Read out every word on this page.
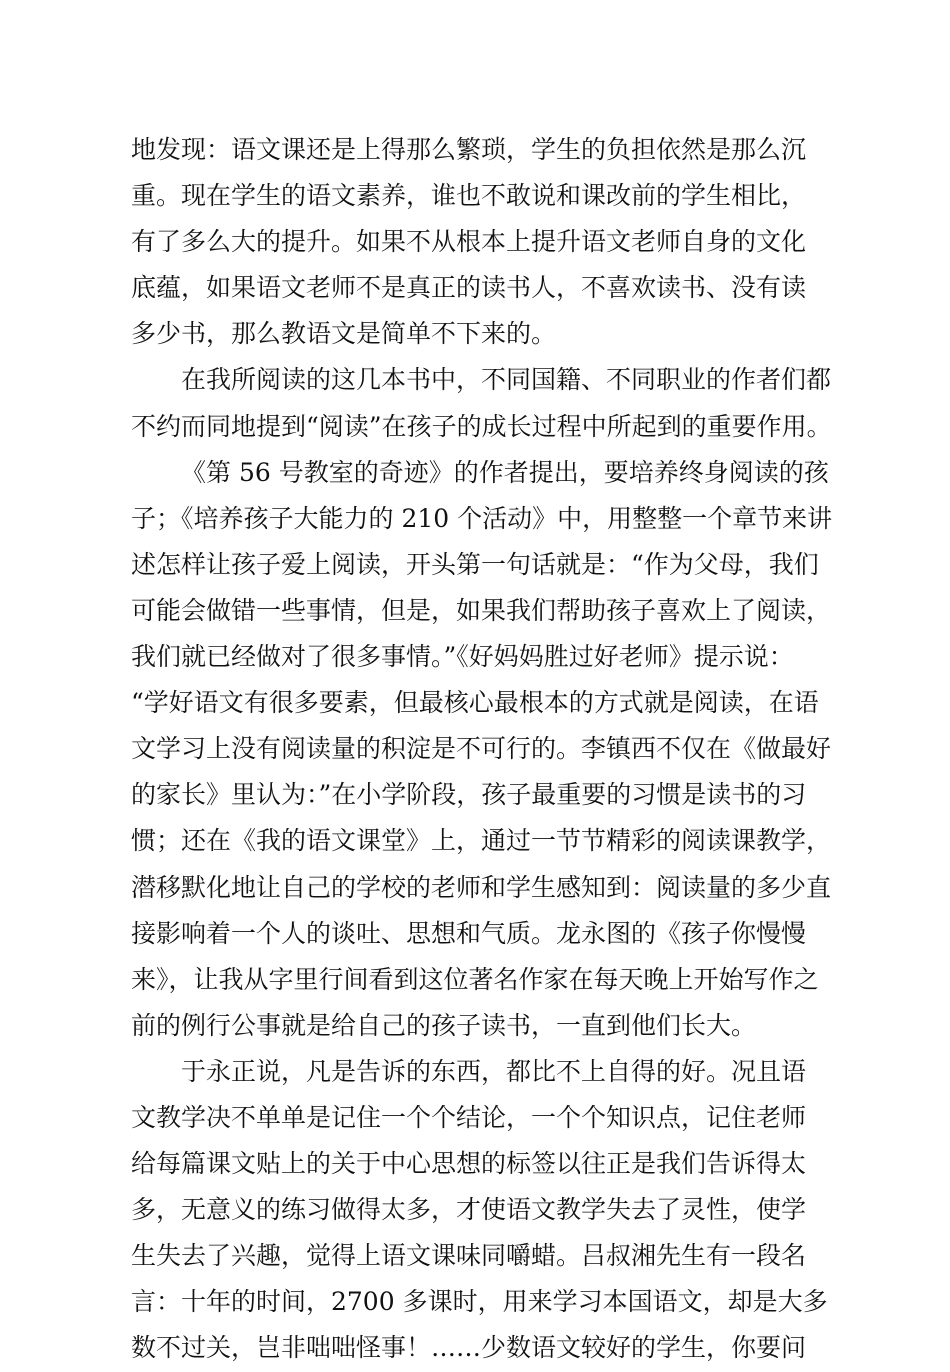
地发现：语文课还是上得那么繁琐，学生的负担依然是那么沉
重。现在学生的语文素养，谁也不敢说和课改前的学生相比，
有了多么大的提升。如果不从根本上提升语文老师自身的文化
底蕴，如果语文老师不是真正的读书人，不喜欢读书、没有读
多少书，那么教语文是简单不下来的。
在我所阅读的这几本书中，不同国籍、不同职业的作者们都
不约而同地提到“阅读”在孩子的成长过程中所起到的重要作用。
《第 56 号教室的奇迹》的作者提出，要培养终身阅读的孩
子；《培养孩子大能力的 210 个活动》中，用整整一个章节来讲
述怎样让孩子爱上阅读，开头第一句话就是：“作为父母，我们
可能会做错一些事情，但是，如果我们帮助孩子喜欢上了阅读，
我们就已经做对了很多事情。”《好妈妈胜过好老师》提示说：
“学好语文有很多要素，但最核心最根本的方式就是阅读，在语
文学习上没有阅读量的积淀是不可行的。李镇西不仅在《做最好
的家长》里认为：”在小学阶段，孩子最重要的习惯是读书的习
惯；还在《我的语文课堂》上，通过一节节精彩的阅读课教学，
潜移默化地让自己的学校的老师和学生感知到：阅读量的多少直
接影响着一个人的谈吐、思想和气质。龙永图的《孩子你慢慢
来》，让我从字里行间看到这位著名作家在每天晚上开始写作之
前的例行公事就是给自己的孩子读书，一直到他们长大。
于永正说，凡是告诉的东西，都比不上自得的好。况且语
文教学决不单单是记住一个个结论，一个个知识点，记住老师
给每篇课文贴上的关于中心思想的标签以往正是我们告诉得太
多，无意义的练习做得太多，才使语文教学失去了灵性，使学
生失去了兴趣，觉得上语文课味同嚼蜡。吕叔湘先生有一段名
言：十年的时间，2700 多课时，用来学习本国语文，却是大多
数不过关，岂非咄咄怪事！……少数语文较好的学生，你要问
